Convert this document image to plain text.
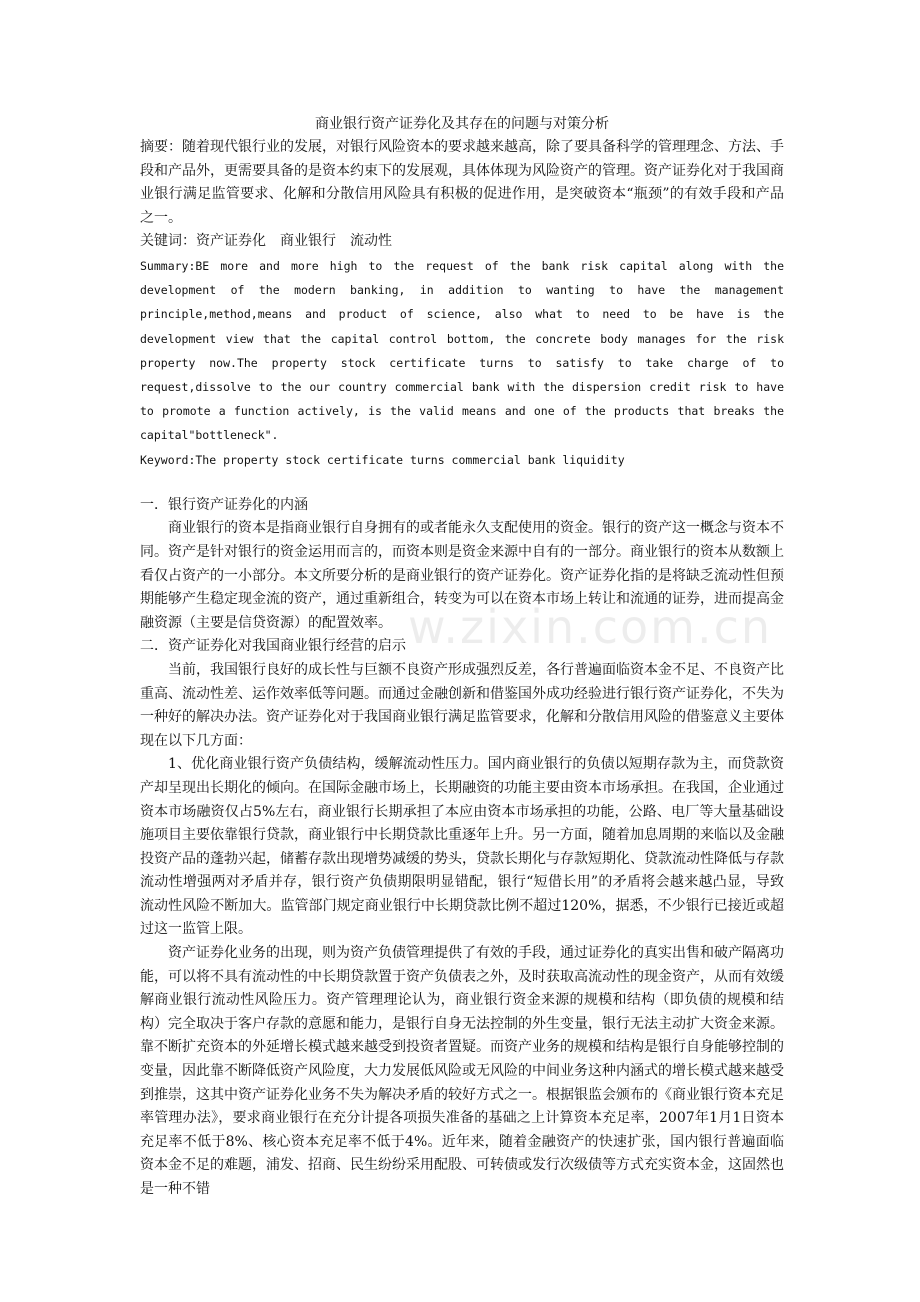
w.zixin.com.cn

商业银行资产证券化及其存在的问题与对策分析

摘要：随着现代银行业的发展，对银行风险资本的要求越来越高，除了要具备科学的管理理念、方法、手段和产品外，更需要具备的是资本约束下的发展观，具体体现为风险资产的管理。资产证券化对于我国商业银行满足监管要求、化解和分散信用风险具有积极的促进作用，是突破资本“瓶颈”的有效手段和产品之一。

关键词：资产证券化 商业银行 流动性

Summary:BE more and more high to the request of the bank risk capital along with the development of the modern banking, in addition to wanting to have the management principle,method,means and product of science, also what to need to be have is the development view that the capital control bottom, the concrete body manages for the risk property now.The property stock certificate turns to satisfy to take charge of to request,dissolve to the our country commercial bank with the dispersion credit risk to have to promote a function actively, is the valid means and one of the products that breaks the capital"bottleneck".

Keyword:The property stock certificate turns commercial bank liquidity

一．银行资产证券化的内涵

商业银行的资本是指商业银行自身拥有的或者能永久支配使用的资金。银行的资产这一概念与资本不同。资产是针对银行的资金运用而言的，而资本则是资金来源中自有的一部分。商业银行的资本从数额上看仅占资产的一小部分。本文所要分析的是商业银行的资产证券化。资产证券化指的是将缺乏流动性但预期能够产生稳定现金流的资产，通过重新组合，转变为可以在资本市场上转让和流通的证券，进而提高金融资源（主要是信贷资源）的配置效率。

二．资产证券化对我国商业银行经营的启示

当前，我国银行良好的成长性与巨额不良资产形成强烈反差，各行普遍面临资本金不足、不良资产比重高、流动性差、运作效率低等问题。而通过金融创新和借鉴国外成功经验进行银行资产证券化，不失为一种好的解决办法。资产证券化对于我国商业银行满足监管要求，化解和分散信用风险的借鉴意义主要体现在以下几方面：

1、优化商业银行资产负债结构，缓解流动性压力。国内商业银行的负债以短期存款为主，而贷款资产却呈现出长期化的倾向。在国际金融市场上，长期融资的功能主要由资本市场承担。在我国，企业通过资本市场融资仅占5%左右，商业银行长期承担了本应由资本市场承担的功能，公路、电厂等大量基础设施项目主要依靠银行贷款，商业银行中长期贷款比重逐年上升。另一方面，随着加息周期的来临以及金融投资产品的蓬勃兴起，储蓄存款出现增势减缓的势头，贷款长期化与存款短期化、贷款流动性降低与存款流动性增强两对矛盾并存，银行资产负债期限明显错配，银行“短借长用”的矛盾将会越来越凸显，导致流动性风险不断加大。监管部门规定商业银行中长期贷款比例不超过120%，据悉，不少银行已接近或超过这一监管上限。

资产证券化业务的出现，则为资产负债管理提供了有效的手段，通过证券化的真实出售和破产隔离功能，可以将不具有流动性的中长期贷款置于资产负债表之外，及时获取高流动性的现金资产，从而有效缓解商业银行流动性风险压力。资产管理理论认为，商业银行资金来源的规模和结构（即负债的规模和结构）完全取决于客户存款的意愿和能力，是银行自身无法控制的外生变量，银行无法主动扩大资金来源。靠不断扩充资本的外延增长模式越来越受到投资者置疑。而资产业务的规模和结构是银行自身能够控制的变量，因此靠不断降低资产风险度，大力发展低风险或无风险的中间业务这种内涵式的增长模式越来越受到推崇，这其中资产证券化业务不失为解决矛盾的较好方式之一。根据银监会颁布的《商业银行资本充足率管理办法》，要求商业银行在充分计提各项损失准备的基础之上计算资本充足率，2007年1月1日资本充足率不低于8%、核心资本充足率不低于4%。近年来，随着金融资产的快速扩张，国内银行普遍面临资本金不足的难题，浦发、招商、民生纷纷采用配股、可转债或发行次级债等方式充实资本金，这固然也是一种不错
